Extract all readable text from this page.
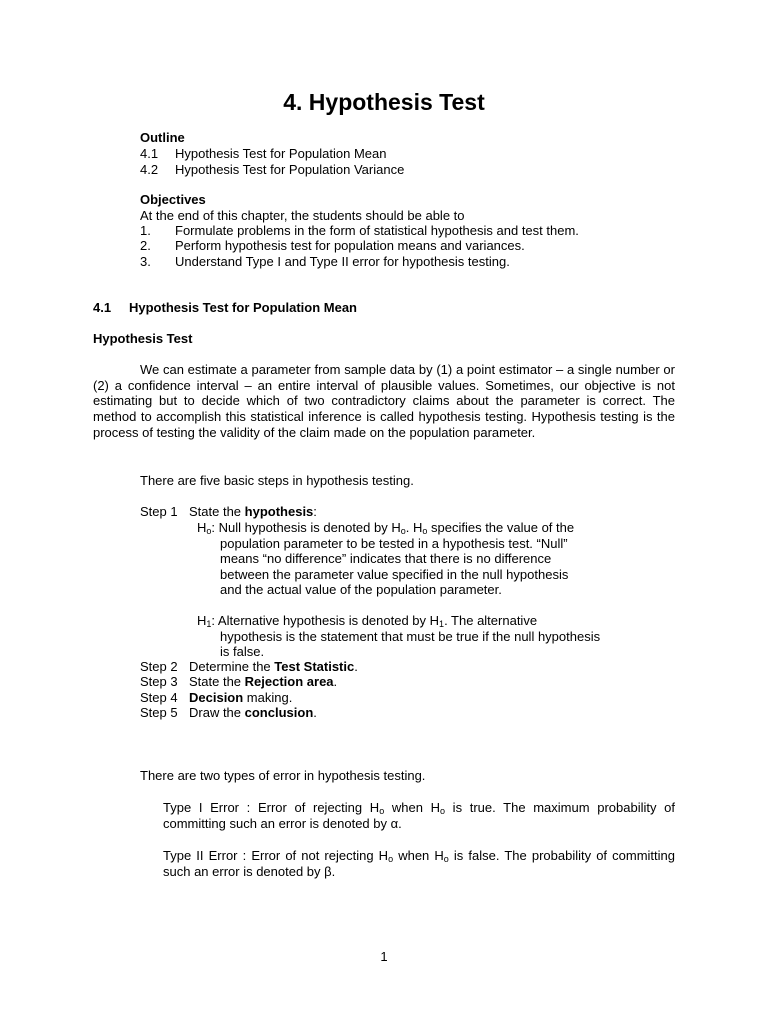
4. Hypothesis Test
Outline
4.1 Hypothesis Test for Population Mean
4.2 Hypothesis Test for Population Variance
Objectives
At the end of this chapter, the students should be able to
1. Formulate problems in the form of statistical hypothesis and test them.
2. Perform hypothesis test for population means and variances.
3. Understand Type I and Type II error for hypothesis testing.
4.1 Hypothesis Test for Population Mean
Hypothesis Test
We can estimate a parameter from sample data by (1) a point estimator – a single number or (2) a confidence interval – an entire interval of plausible values. Sometimes, our objective is not estimating but to decide which of two contradictory claims about the parameter is correct. The method to accomplish this statistical inference is called hypothesis testing. Hypothesis testing is the process of testing the validity of the claim made on the population parameter.
There are five basic steps in hypothesis testing.
Step 1 State the hypothesis:
$H_o$: Null hypothesis is denoted by $H_o$. $H_o$ specifies the value of the
population parameter to be tested in a hypothesis test. “Null”
means “no difference” indicates that there is no difference
between the parameter value specified in the null hypothesis
and the actual value of the population parameter.
$H_1$: Alternative hypothesis is denoted by $H_1$. The alternative
hypothesis is the statement that must be true if the null hypothesis
is false.
Step 2 Determine the Test Statistic.
Step 3 State the Rejection area.
Step 4 Decision making.
Step 5 Draw the conclusion.
There are two types of error in hypothesis testing.
Type I Error : Error of rejecting $H_o$ when $H_o$ is true. The maximum probability of committing such an error is denoted by α.
Type II Error : Error of not rejecting $H_o$ when $H_o$ is false. The probability of committing such an error is denoted by β.
1
